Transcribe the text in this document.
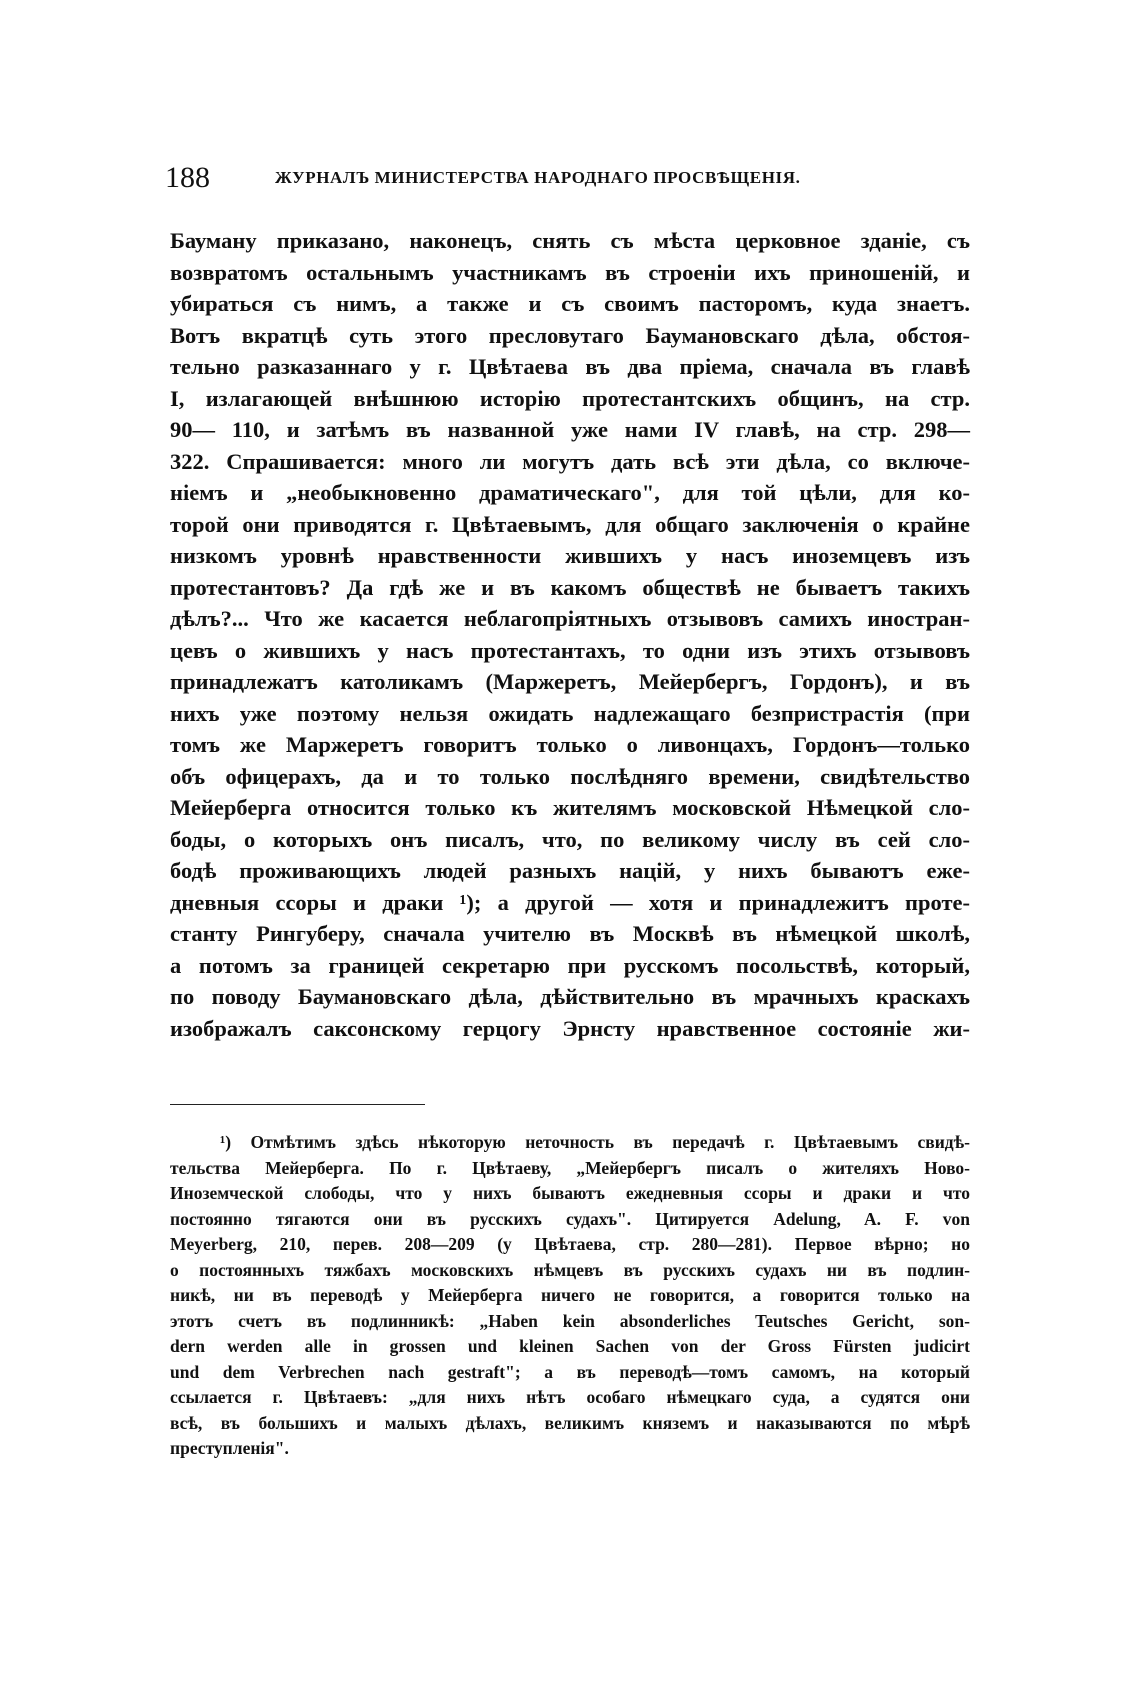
188	ЖУРНАЛЪ МИНИСТЕРСТВА НАРОДНАГО ПРОСВѢЩЕНІЯ.
Бауману приказано, наконецъ, снять съ мѣста церковное зданіе, съ
возвратомъ остальнымъ участникамъ въ строеніи ихъ приношеній, и
убираться съ нимъ, а также и съ своимъ пасторомъ, куда знаетъ.
Вотъ вкратцѣ суть этого пресловутаго Баумановскаго дѣла, обстоя-
тельно разказаннаго у г. Цвѣтаева въ два пріема, сначала въ главѣ
I, излагающей внѣшнюю исторію протестантскихъ общинъ, на стр.
90— 110, и затѣмъ въ названной уже нами IV главѣ, на стр. 298—
322. Спрашивается: много ли могутъ дать всѣ эти дѣла, со включе-
ніемъ и „необыкновенно драматическаго", для той цѣли, для ко-
торой они приводятся г. Цвѣтаевымъ, для общаго заключенія о крайне
низкомъ уровнѣ нравственности жившихъ у насъ иноземцевъ изъ
протестантовъ? Да гдѣ же и въ какомъ обществѣ не бываетъ такихъ
дѣлъ?... Что же касается неблагопріятныхъ отзывовъ самихъ иностран-
цевъ о жившихъ у насъ протестантахъ, то одни изъ этихъ отзывовъ
принадлежатъ католикамъ (Маржеретъ, Мейербергъ, Гордонъ), и въ
нихъ уже поэтому нельзя ожидать надлежащаго безпристрастія (при
томъ же Маржеретъ говоритъ только о ливонцахъ, Гордонъ—только
объ офицерахъ, да и то только послѣдняго времени, свидѣтельство
Мейерберга относится только къ жителямъ московской Нѣмецкой сло-
боды, о которыхъ онъ писалъ, что, по великому числу въ сей сло-
бодѣ проживающихъ людей разныхъ націй, у нихъ бываютъ еже-
дневныя ссоры и драки ¹); а другой — хотя и принадлежитъ проте-
станту Рингуберу, сначала учителю въ Москвѣ въ нѣмецкой школѣ,
а потомъ за границей секретарю при русскомъ посольствѣ, который,
по поводу Баумановскаго дѣла, дѣйствительно въ мрачныхъ краскахъ
изображалъ саксонскому герцогу Эрнсту нравственное состояніе жи-
¹) Отмѣтимъ здѣсь нѣкоторую неточность въ передачѣ г. Цвѣтаевымъ свидѣ-
тельства Мейерберга. По г. Цвѣтаеву, „Мейербергъ писалъ о жителяхъ Ново-
Иноземческой слободы, что у нихъ бываютъ ежедневныя ссоры и драки и что
постоянно тягаются они въ русскихъ судахъ". Цитируется Adelung, A. F. von
Meyerberg, 210, перев. 208—209 (у Цвѣтаева, стр. 280—281). Первое вѣрно; но
о постоянныхъ тяжбахъ московскихъ нѣмцевъ въ русскихъ судахъ ни въ подлин-
никѣ, ни въ переводѣ у Мейерберга ничего не говорится, а говорится только на
этотъ счетъ въ подлинникѣ: „Haben kein absonderliches Teutsches Gericht, son-
dern werden alle in grossen und kleinen Sachen von der Gross Fürsten judicirt
und dem Verbrechen nach gestraft"; а въ переводѣ—томъ самомъ, на который
ссылается г. Цвѣтаевъ: „для нихъ нѣтъ особаго нѣмецкаго суда, а судятся они
всѣ, въ большихъ и малыхъ дѣлахъ, великимъ княземъ и наказываются по мѣрѣ
преступленія".
